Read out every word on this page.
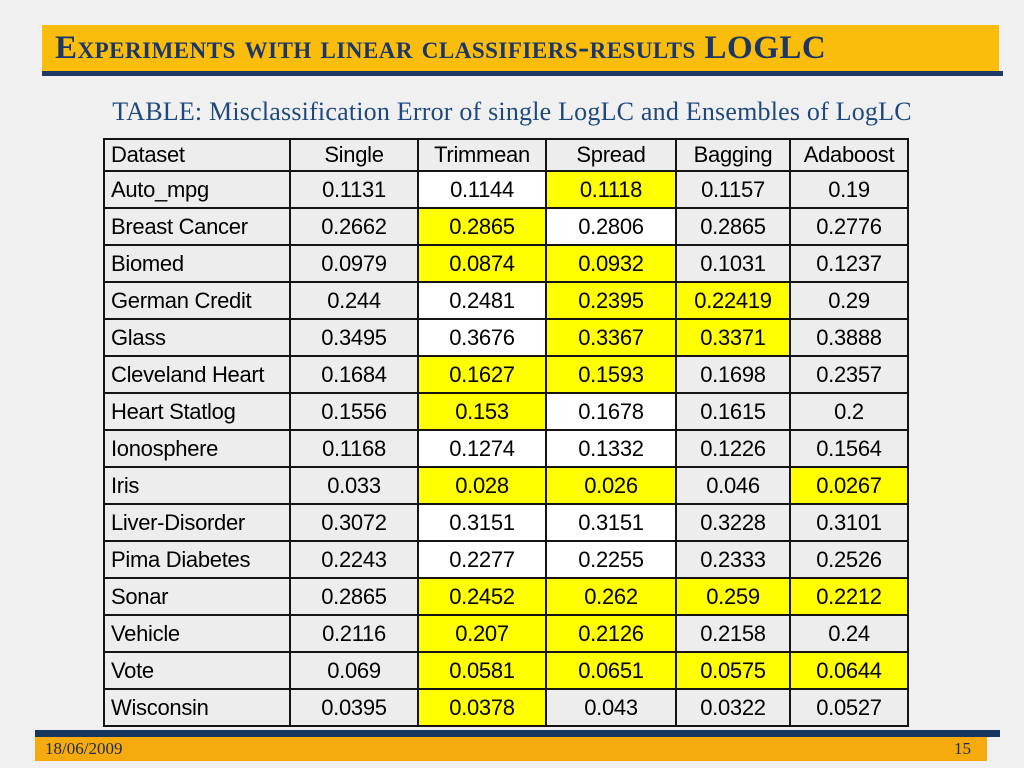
Experiments with linear classifiers-results LOGLC
TABLE: Misclassification Error of single LogLC and Ensembles of LogLC
Dataset	Single	Trimmean	Spread	Bagging	Adaboost
Auto_mpg	0.1131	0.1144	0.1118	0.1157	0.19
Breast Cancer	0.2662	0.2865	0.2806	0.2865	0.2776
Biomed	0.0979	0.0874	0.0932	0.1031	0.1237
German Credit	0.244	0.2481	0.2395	0.22419	0.29
Glass	0.3495	0.3676	0.3367	0.3371	0.3888
Cleveland Heart	0.1684	0.1627	0.1593	0.1698	0.2357
Heart Statlog	0.1556	0.153	0.1678	0.1615	0.2
Ionosphere	0.1168	0.1274	0.1332	0.1226	0.1564
Iris	0.033	0.028	0.026	0.046	0.0267
Liver-Disorder	0.3072	0.3151	0.3151	0.3228	0.3101
Pima Diabetes	0.2243	0.2277	0.2255	0.2333	0.2526
Sonar	0.2865	0.2452	0.262	0.259	0.2212
Vehicle	0.2116	0.207	0.2126	0.2158	0.24
Vote	0.069	0.0581	0.0651	0.0575	0.0644
Wisconsin	0.0395	0.0378	0.043	0.0322	0.0527
18/06/2009	15
